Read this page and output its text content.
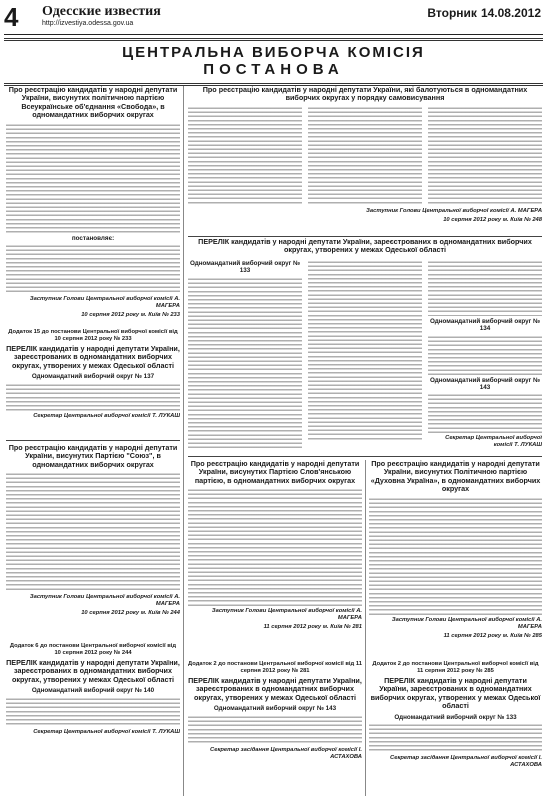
4 Одесские известия
http://izvestiya.odessa.gov.ua
Вторник 14.08.2012
ЦЕНТРАЛЬНА ВИБОРЧА КОМІСІЯ
ПОСТАНОВА
Про реєстрацію кандидатів у народні депутати України, висунутих політичною партією Всеукраїнське об'єднання «Свобода», в одномандатних виборчих округах
постановляє:
Заступник Голови Центральної виборчої комісії А. МАГЕРА
10 серпня 2012 року м. Київ № 233
Додаток 15 до постанови Центральної виборчої комісії від 10 серпня 2012 року № 233
ПЕРЕЛІК кандидатів у народні депутати України, зареєстрованих в одномандатних виборчих округах, утворених у межах Одеської області
Одномандатний виборчий округ № 137
Секретар Центральної виборчої комісії Т. ЛУКАШ
Про реєстрацію кандидатів у народні депутати України, висунутих Партією "Союз", в одномандатних виборчих округах
Заступник Голови Центральної виборчої комісії А. МАГЕРА
10 серпня 2012 року м. Київ № 244
Додаток 6 до постанови Центральної виборчої комісії від 10 серпня 2012 року № 244
ПЕРЕЛІК кандидатів у народні депутати України, зареєстрованих в одномандатних виборчих округах, утворених у межах Одеської області
Одномандатний виборчий округ № 140
Секретар Центральної виборчої комісії Т. ЛУКАШ
Про реєстрацію кандидатів у народні депутати України, які балотуються в одномандатних виборчих округах у порядку самовисування
Заступник Голови Центральної виборчої комісії А. МАГЕРА
10 серпня 2012 року м. Київ № 248
ПЕРЕЛІК кандидатів у народні депутати України, зареєстрованих в одномандатних виборчих округах, утворених у межах Одеської області
Одномандатний виборчий округ № 133
Одномандатний виборчий округ № 134
Одномандатний виборчий округ № 143
Секретар Центральної виборчої комісії Т. ЛУКАШ
Про реєстрацію кандидатів у народні депутати України, висунутих Партією Слов'янською партією, в одномандатних виборчих округах
Заступник Голови Центральної виборчої комісії А. МАГЕРА
11 серпня 2012 року м. Київ № 281
Додаток 2 до постанови Центральної виборчої комісії від 11 серпня 2012 року № 281
ПЕРЕЛІК кандидатів у народні депутати України, зареєстрованих в одномандатних виборчих округах, утворених у межах Одеської області
Одномандатний виборчий округ № 143
Секретар засідання Центральної виборчої комісії І. АСТАХОВА
Про реєстрацію кандидатів у народні депутати України, висунутих Політичною партією «Духовна Україна», в одномандатних виборчих округах
Заступник Голови Центральної виборчої комісії А. МАГЕРА
11 серпня 2012 року м. Київ № 285
Додаток 2 до постанови Центральної виборчої комісії від 11 серпня 2012 року № 285
ПЕРЕЛІК кандидатів у народні депутати України, зареєстрованих в одномандатних виборчих округах, утворених у межах Одеської області
Одномандатний виборчий округ № 133
Секретар засідання Центральної виборчої комісії І. АСТАХОВА
